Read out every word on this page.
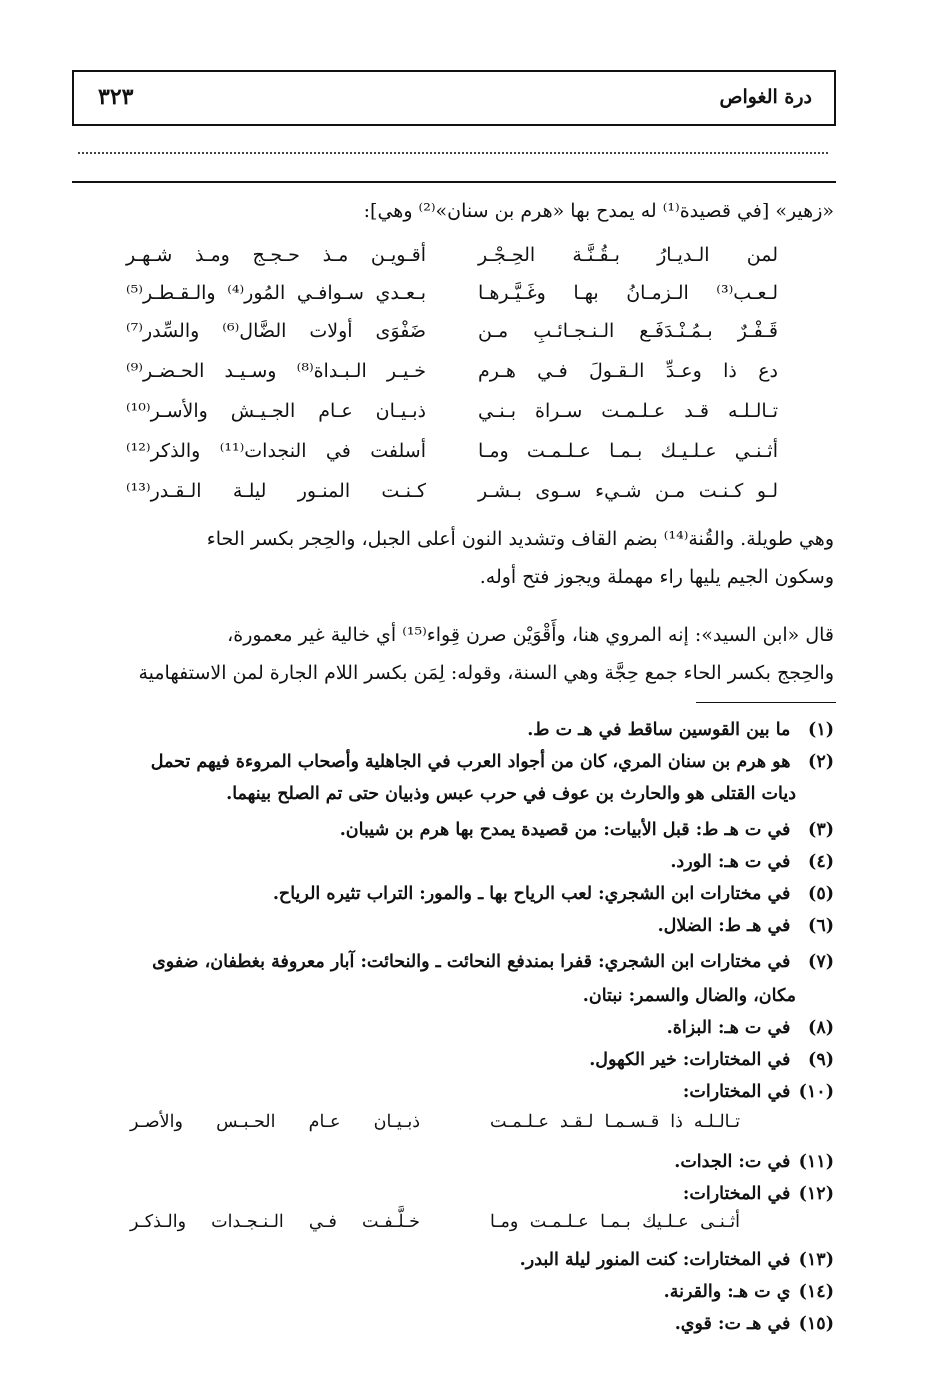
درة الغواص
٣٢٣
«زهير» [في قصيدة⁽¹⁾ له يمدح بها «هرم بن سنان»⁽²⁾ وهي]:
لمن الـديـارُ بـقُـنَّـة الحِـجْـر
أقـويـن مـذ حـجـج ومـذ شـهـر
لـعـب⁽³⁾ الـزمـانُ بهـا وغَـيَّـرهـا
بـعـدي سـوافـي المُور⁽⁴⁾ والـقـطـر⁽⁵⁾
قَـفْـرٌ بـمُـنْـدَفَـع الـنـجـائـبِ مـن
ضَفْوَى أولات الضَّال⁽⁶⁾ والسِّدر⁽⁷⁾
دع ذا وعـدِّ الـقـولَ فـي هـرم
خـيـر الـبـداة⁽⁸⁾ وسـيـد الحـضـر⁽⁹⁾
تـالـلـه قـد عـلـمـت سـراة بـنـي
ذبـيـان عـام الجـيـش والأسـر⁽¹⁰⁾
أثـنـي عـلـيـك بـمـا عـلـمـت ومـا
أسلفت في النجدات⁽¹¹⁾ والذكر⁽¹²⁾
لـو كـنـت مـن شـيء سـوى بـشـر
كـنـت المنـور ليلـة الـقـدر⁽¹³⁾
وهي طويلة. والقُنة⁽¹⁴⁾ بضم القاف وتشديد النون أعلى الجبل، والحِجر بكسر الحاء
وسكون الجيم يليها راء مهملة ويجوز فتح أوله.
قال «ابن السيد»: إنه المروي هنا، وأَقْوَيْن صرن قِواء⁽¹⁵⁾ أي خالية غير معمورة،
والحِجج بكسر الحاء جمع حِجَّة وهي السنة، وقوله: لِمَن بكسر اللام الجارة لمن الاستفهامية
(١) ما بين القوسين ساقط في هـ ت ط.
(٢) هو هرم بن سنان المري، كان من أجواد العرب في الجاهلية وأصحاب المروءة فيهم تحمل
ديات القتلى هو والحارث بن عوف في حرب عبس وذبيان حتى تم الصلح بينهما.
(٣) في ت هـ ط: قبل الأبيات: من قصيدة يمدح بها هرم بن شيبان.
(٤) في ت هـ: الورد.
(٥) في مختارات ابن الشجري: لعب الرياح بها ـ والمور: التراب تثيره الرياح.
(٦) في هـ ط: الضلال.
(٧) في مختارات ابن الشجري: قفرا بمندفع النحائت ـ والنحائت: آبار معروفة بغطفان، ضفوى
مكان، والضال والسمر: نبتان.
(٨) في ت هـ: البزاة.
(٩) في المختارات: خير الكهول.
(١٠) في المختارات:
تـالـلـه ذا قـسـمـا لـقـد عـلـمـت
ذبـيـان عـام الحـبـس والأصـر
(١١) في ت: الجدات.
(١٢) في المختارات:
أثـنـى عـلـيك بـمـا عـلـمـت ومـا
خـلَّـفـت فـي الـنـجـدات والـذكـر
(١٣) في المختارات: كنت المنور ليلة البدر.
(١٤) ي ت هـ: والقرنة.
(١٥) في هـ ت: قوي.
